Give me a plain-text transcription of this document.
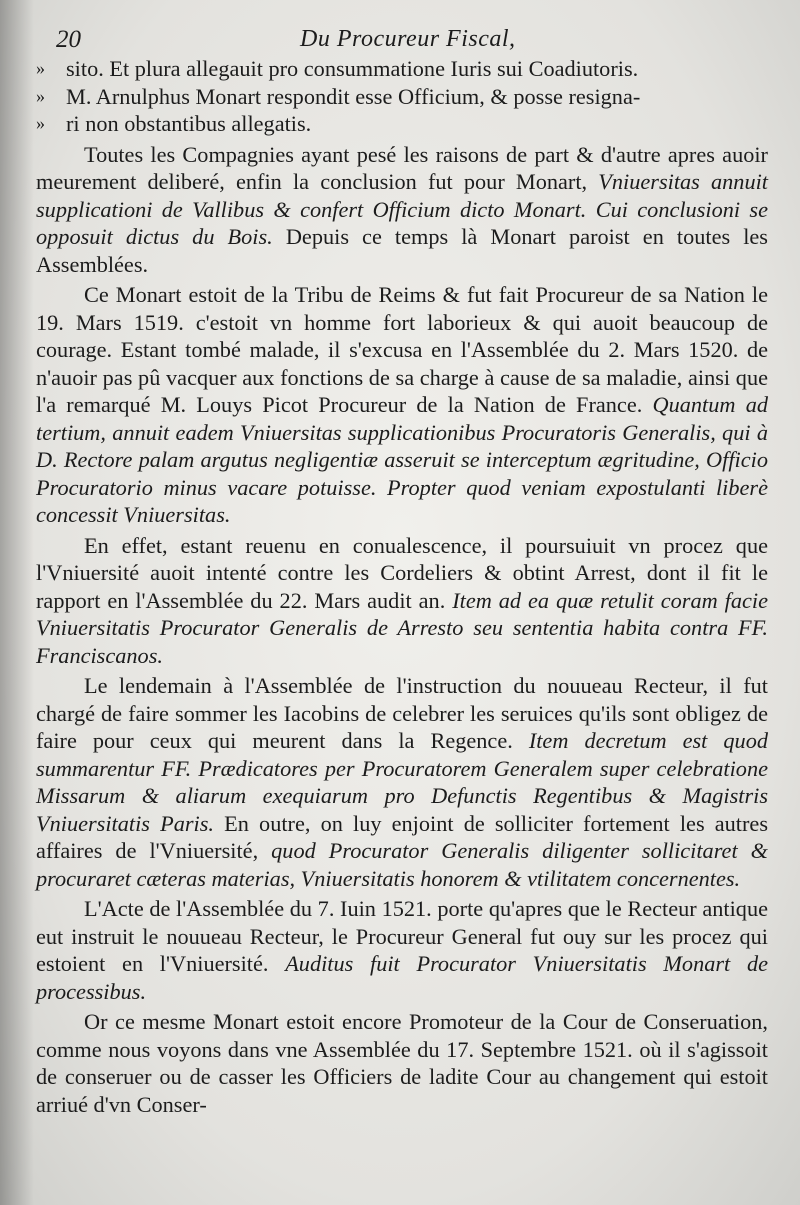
20	Du Procureur Fiscal,
» sito. Et plura allegauit pro consummatione Iuris sui Coadiutoris.
» M. Arnulphus Monart respondit esse Officium, & posse resigna-
» ri non obstantibus allegatis.

Toutes les Compagnies ayant pesé les raisons de part & d'autre apres auoir meurement deliberé, enfin la conclusion fut pour Monart, Vniuersitas annuit supplicationi de Vallibus & confert Officium dicto Monart. Cui conclusioni se opposuit dictus du Bois. Depuis ce temps là Monart paroist en toutes les Assemblées.

Ce Monart estoit de la Tribu de Reims & fut fait Procureur de sa Nation le 19. Mars 1519. c'estoit vn homme fort laborieux & qui auoit beaucoup de courage. Estant tombé malade, il s'excusa en l'Assemblée du 2. Mars 1520. de n'auoir pas pû vacquer aux fonctions de sa charge à cause de sa maladie, ainsi que l'a remarqué M. Louys Picot Procureur de la Nation de France. Quantum ad tertium, annuit eadem Vniuersitas supplicationibus Procuratoris Generalis, qui à D. Rectore palam argutus negligentiæ asseruit se interceptum ægritudine, Officio Procuratorio minus vacare potuisse. Propter quod veniam expostulanti liberè concessit Vniuersitas.

En effet, estant reuenu en conualescence, il poursuiuit vn procez que l'Vniuersité auoit intenté contre les Cordeliers & obtint Arrest, dont il fit le rapport en l'Assemblée du 22. Mars audit an. Item ad ea quæ retulit coram facie Vniuersitatis Procurator Generalis de Arresto seu sententia habita contra FF. Franciscanos.

Le lendemain à l'Assemblée de l'instruction du nouueau Recteur, il fut chargé de faire sommer les Iacobins de celebrer les seruices qu'ils sont obligez de faire pour ceux qui meurent dans la Regence. Item decretum est quod summarentur FF. Prædicatores per Procuratorem Generalem super celebratione Missarum & aliarum exequiarum pro Defunctis Regentibus & Magistris Vniuersitatis Paris. En outre, on luy enjoint de solliciter fortement les autres affaires de l'Vniuersité, quod Procurator Generalis diligenter sollicitaret & procuraret cæteras materias, Vniuersitatis honorem & vtilitatem concernentes.

L'Acte de l'Assemblée du 7. Iuin 1521. porte qu'apres que le Recteur antique eut instruit le nouueau Recteur, le Procureur General fut ouy sur les procez qui estoient en l'Vniuersité. Auditus fuit Procurator Vniuersitatis Monart de processibus.

Or ce mesme Monart estoit encore Promoteur de la Cour de Conseruation, comme nous voyons dans vne Assemblée du 17. Septembre 1521. où il s'agissoit de conseruer ou de casser les Officiers de ladite Cour au changement qui estoit arriué d'vn Conser-
